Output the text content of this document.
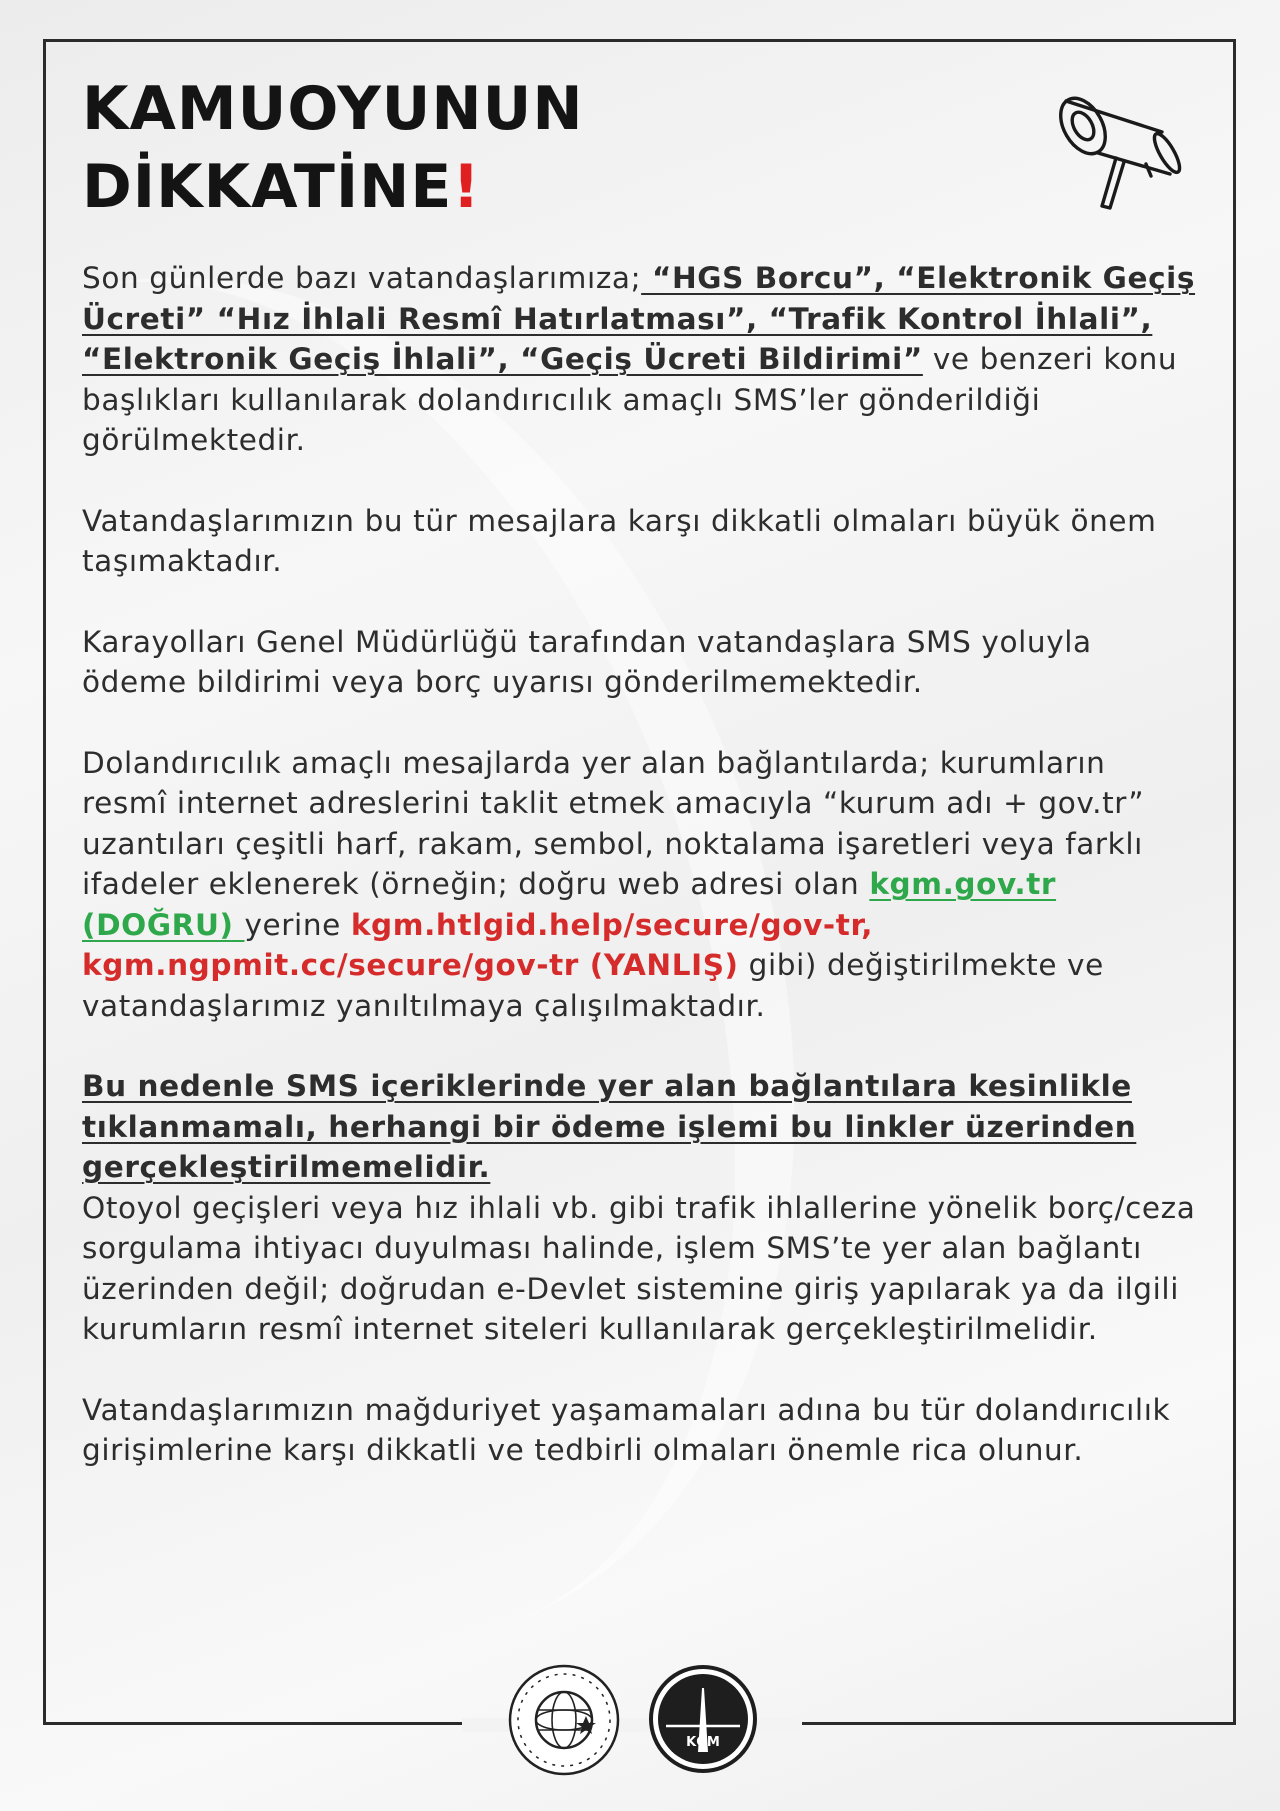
KAMUOYUNUN
DİKKATİNE!

Son günlerde bazı vatandaşlarımıza; “HGS Borcu”, “Elektronik Geçiş Ücreti” “Hız İhlali Resmî Hatırlatması”, “Trafik Kontrol İhlali”, “Elektronik Geçiş İhlali”, “Geçiş Ücreti Bildirimi” ve benzeri konu başlıkları kullanılarak dolandırıcılık amaçlı SMS’ler gönderildiği görülmektedir.

Vatandaşlarımızın bu tür mesajlara karşı dikkatli olmaları büyük önem taşımaktadır.

Karayolları Genel Müdürlüğü tarafından vatandaşlara SMS yoluyla ödeme bildirimi veya borç uyarısı gönderilmemektedir.

Dolandırıcılık amaçlı mesajlarda yer alan bağlantılarda; kurumların resmî internet adreslerini taklit etmek amacıyla “kurum adı + gov.tr” uzantıları çeşitli harf, rakam, sembol, noktalama işaretleri veya farklı ifadeler eklenerek (örneğin; doğru web adresi olan kgm.gov.tr (DOĞRU) yerine kgm.htlgid.help/secure/gov-tr, kgm.ngpmit.cc/secure/gov-tr (YANLIŞ) gibi) değiştirilmekte ve vatandaşlarımız yanıltılmaya çalışılmaktadır.

Bu nedenle SMS içeriklerinde yer alan bağlantılara kesinlikle tıklanmamalı, herhangi bir ödeme işlemi bu linkler üzerinden gerçekleştirilmemelidir.

Otoyol geçişleri veya hız ihlali vb. gibi trafik ihlallerine yönelik borç/ceza sorgulama ihtiyacı duyulması halinde, işlem SMS’te yer alan bağlantı üzerinden değil; doğrudan e-Devlet sistemine giriş yapılarak ya da ilgili kurumların resmî internet siteleri kullanılarak gerçekleştirilmelidir.

Vatandaşlarımızın mağduriyet yaşamamaları adına bu tür dolandırıcılık girişimlerine karşı dikkatli ve tedbirli olmaları önemle rica olunur.

KGM
